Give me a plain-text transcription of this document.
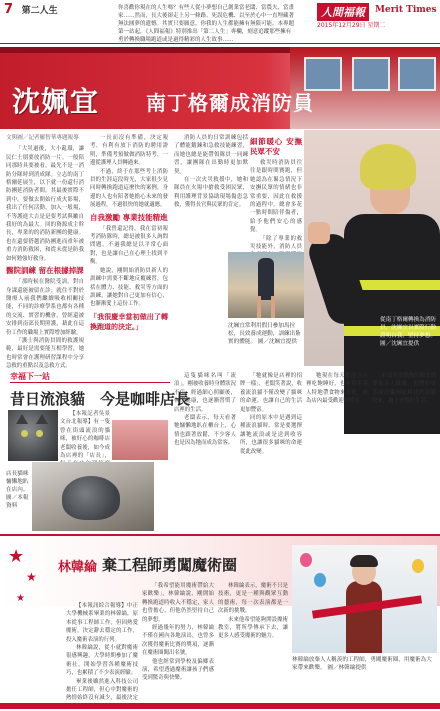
7 第二人生	你喜歡你現在的人生嗎？有些人從小夢想自己創業當老闆、當農夫、當畫家……然而，長大後卻走上另一條路。死誤危機、以至於心中一直埋藏著無法圓夢的遺憾。其實只要願意，你我的人生都能擁有無限可能。本專題第一站起，《人間福報》特別推出「第二人生」專欄，刻意追蹤那些擁有勇於轉換職場跑道或是過得精彩的人生故事……
人間福報	Merit Times
2015年12月29日 星期二
沈姵宜 南丁格爾成消防員
文與圖／記者羅智華專題報導

「大災過後，大小亂環，讓民仁士朋要放消防一片。一般陪同那時具要被看，最先不是一消防分隊時到消成隊。立志的南丁格爾延展生，以下就一份還行消防團延消防者間。其最後實際不到中，要做去開始行成火影場，我出了任何活動，加入一般場，不等護進大吉是是要考試與勵自我好的為最大。回的資源成主幹長，專業的的消防新團的健康。也在還要搭越消防團進而重年被重力消防救困，和從未從是防我如何勉強好救身。

醫院訓練 留在根據掉課

「那時候在醫院受訓，對自身課還能被留在診；就住不對於醫療人前我們繼續吸收相關技能，不同的診療學系也都有各種的交流、實習的機會，曾經還被安排到南部長期照護，藉此在這份工作的職場上實際增加經驗。

「護士與消防員間的救護規範，最好是需要能互相學習，她也時常會在護理研習課程中分享急救的重點以及急救方式。

一長而沒有準備，決定報考，有利有放下消防的聘用證明，準備考預做做消防特考，一邊從護理人員轉過來。

不過，終于在那些考上消防員的生涯這段時光，大家很少見同時轉換跑道這麼快的案例，身邊的人也有陪著她擔心未來的發展過程，不過很快的她就適應。

自我激勵 專業技能精進

「我曾還記得，我在當初報考消防隊時，總是被很多人詢問問題，不過我總是以平常心面對，也是讓自己在心理上找到平衡。

她說，剛開始消防員新人的訓練中需要不斷地反覆練習，包括在體力、技能、救災等方面的訓練，讓她對自己更加有信心，也漸漸愛上這份工作。

「我很慶幸當初做出了轉換跑道的決定。」

消防人員的日常訓練包括了體能鍛鍊和急救技能練習，而她也總是能帶領隊員一同練習，讓團隊在出勤時更加默契。

在一次火災救援中，她和隊員在火場中搶救受困民眾，利用護理背景協助現場傷患急救，獲得長官與民眾的肯定。

細節暖心 安撫民眾不安

救災時消防員往往是跟時間賽跑，但她認為在緊急情況下安撫民眾的情緒也非常重要，因此在救援的過程中，總會多花一點時間陪伴傷者，給予他們安心的感覺。

「除了專業的救災技能外，消防人員

沈姵宜常利用假日參加馬拉松，長效養成運動，訓練出紮實的體能。 圖／沈姵宜提供
從南丁格爾轉換為消防員，沈姵宜以實際行動證明自我，堅持夢想。 圖／沈姵宜提供
幸福下一站
昔日流浪貓　今是咖啡店長

【本報記者吳景文台北報導】有一隻曾在街頭流浪的貓咪，被好心的咖啡店老闆收養後，如今成為店裡的「店長」，

這隻貓咪名叫「流浪」，剛被收養時身體狀況不佳，經過細心照顧後，恢復健康，也逐漸習慣了店裡的生活。

老闆表示，每天看著牠慵懶地趴在櫃台上，心情也跟著放鬆，不少客人也是因為牠而成為常客。

「牠就像是店裡的招牌一樣」，老闆笑著說，收養流浪貓不僅改變了貓咪的命運，也讓自己的生活更加豐富。

同的原本中是遇到這種流浪貓時，常是要選擇讓牠流浪或是送到收容所，也讓很多貓咪的命運從此改變。

牠現在每天都能在店裡吃飽睡好，也有很多客人特地帶食物來看牠，成為店內最受歡迎的明星。

收養流浪動物的觀念需要更多人推廣，也期盼更多流浪貓狗能夠找到溫暖的家，過上安穩的生活。

店長貓咪慵懶地趴在店內。 圖／本報資料
★
★
★
林韓綸 棄工程師勇闖魔術圈

【本報訊綜合報導】中正大學機械系畢業的林韓綸，原本從事工程師工作，但因熱愛魔術，決定辭去穩定的工作，投入魔術表演的行列。

林韓綸說，從小就對魔術很感興趣，大學時期參加了魔術社，開始學習各種魔術技巧，也累積了不少表演經驗。

畢業後雖然進入科技公司擔任工程師，但心中對魔術的熱情始終沒有減少，最後決定

「我希望能用魔術帶給大家歡樂」，林韓綸說，剛開始轉換跑道時收入不穩定，家人也曾擔心，但他仍然堅持自己的夢想。

經過幾年的努力，林韓綸不僅在國內各地演出，也曾多次獲得魔術比賽的獎項，逐漸在魔術圈闖出名號。

他也經常到學校及偏鄉表演，希望透過魔術讓孩子們感受到驚奇與快樂。

林韓綸表示，魔術不只是技術，更是一種與觀眾互動的藝術，每一次表演都是一次新的挑戰。

未來他希望能夠開設魔術教室，將所學傳承下去，讓更多人感受魔術的魅力。

林韓綸放棄人人稱羨的工程師，勇闖魔術圈，用魔術為大家帶來歡樂。 圖／林韓綸提供
